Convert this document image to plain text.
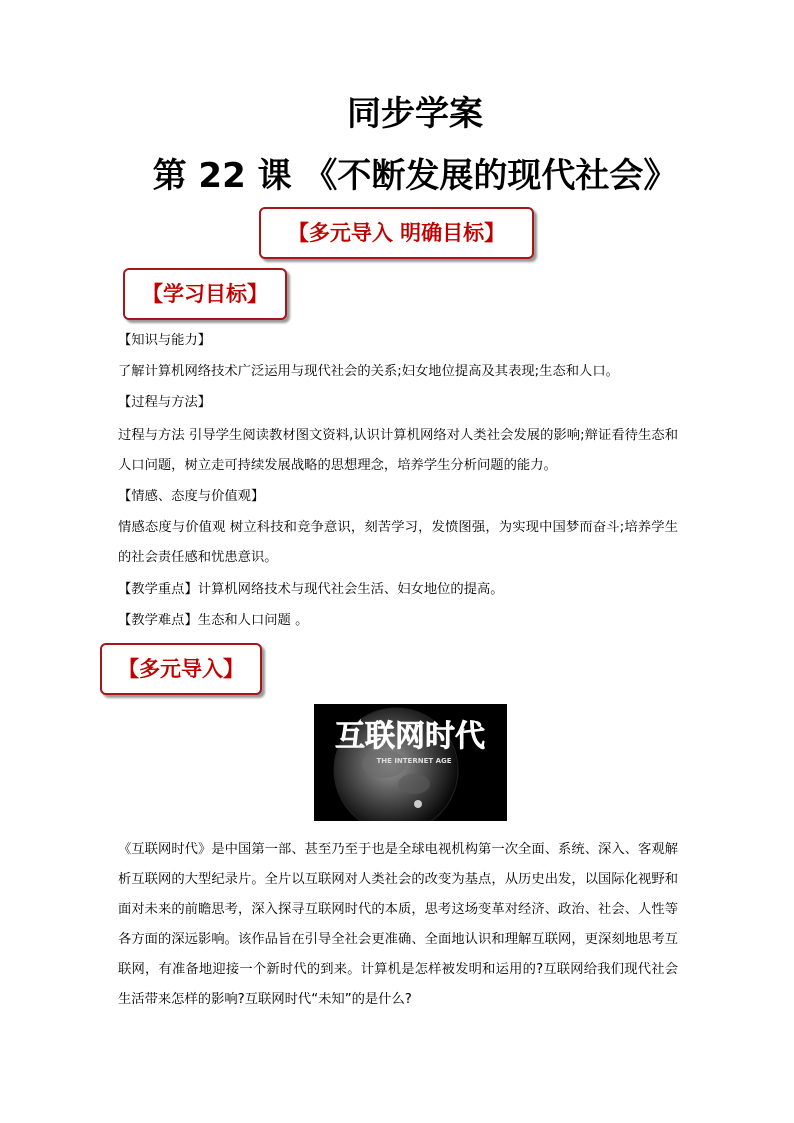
同步学案
第 22 课 《不断发展的现代社会》
【多元导入 明确目标】
【学习目标】

【知识与能力】

了解计算机网络技术广泛运用与现代社会的关系;妇女地位提高及其表现;生态和人口。

【过程与方法】

过程与方法 引导学生阅读教材图文资料,认识计算机网络对人类社会发展的影响;辩证看待生态和人口问题，树立走可持续发展战略的思想理念，培养学生分析问题的能力。

【情感、态度与价值观】

情感态度与价值观 树立科技和竞争意识，刻苦学习，发愤图强，为实现中国梦而奋斗;培养学生的社会责任感和忧患意识。

【教学重点】计算机网络技术与现代社会生活、妇女地位的提高。

【教学难点】生态和人口问题 。

【多元导入】
互联网时代
THE INTERNET AGE

《互联网时代》是中国第一部、甚至乃至于也是全球电视机构第一次全面、系统、深入、客观解析互联网的大型纪录片。全片以互联网对人类社会的改变为基点，从历史出发，以国际化视野和面对未来的前瞻思考，深入探寻互联网时代的本质，思考这场变革对经济、政治、社会、人性等各方面的深远影响。该作品旨在引导全社会更准确、全面地认识和理解互联网，更深刻地思考互联网，有准备地迎接一个新时代的到来。计算机是怎样被发明和运用的?互联网给我们现代社会生活带来怎样的影响?互联网时代“未知”的是什么?
